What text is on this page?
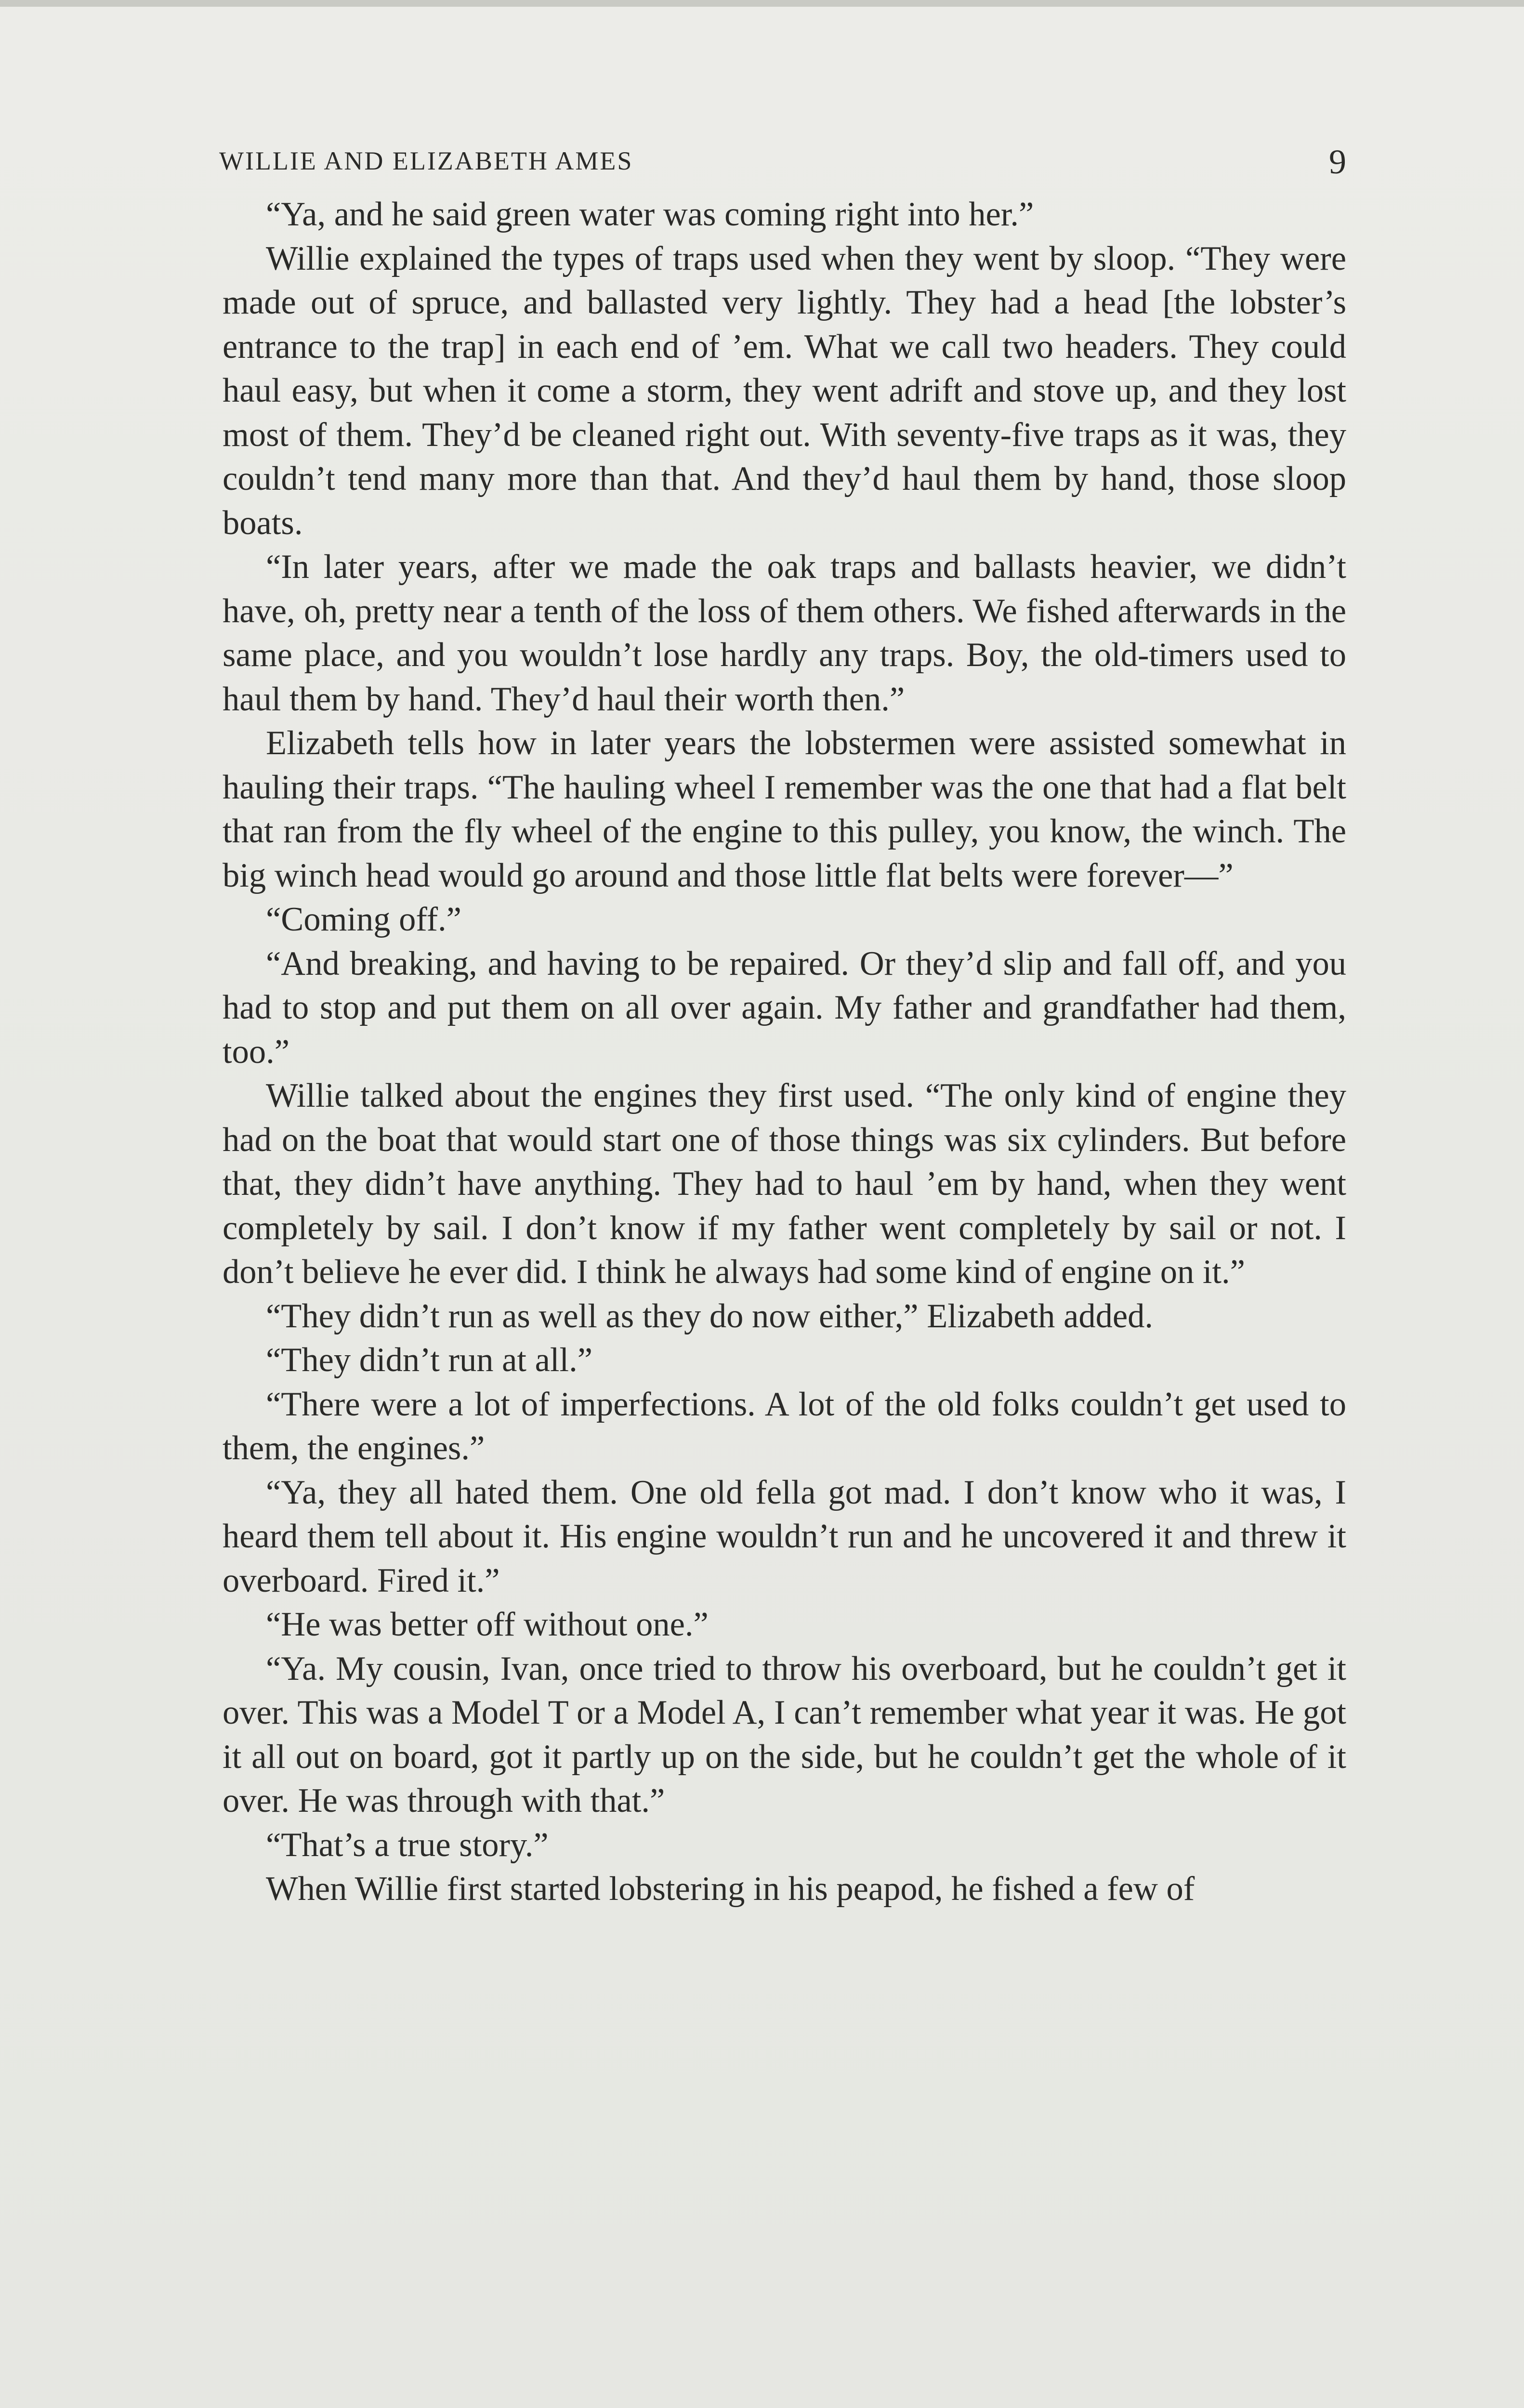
WILLIE AND ELIZABETH AMES	9

“Ya, and he said green water was coming right into her.”

Willie explained the types of traps used when they went by sloop. “They were made out of spruce, and ballasted very lightly. They had a head [the lobster’s entrance to the trap] in each end of ’em. What we call two headers. They could haul easy, but when it come a storm, they went adrift and stove up, and they lost most of them. They’d be cleaned right out. With seventy-five traps as it was, they couldn’t tend many more than that. And they’d haul them by hand, those sloop boats.

“In later years, after we made the oak traps and ballasts heavier, we didn’t have, oh, pretty near a tenth of the loss of them others. We fished afterwards in the same place, and you wouldn’t lose hardly any traps. Boy, the old-timers used to haul them by hand. They’d haul their worth then.”

Elizabeth tells how in later years the lobstermen were assisted somewhat in hauling their traps. “The hauling wheel I remember was the one that had a flat belt that ran from the fly wheel of the engine to this pulley, you know, the winch. The big winch head would go around and those little flat belts were forever—”

“Coming off.”

“And breaking, and having to be repaired. Or they’d slip and fall off, and you had to stop and put them on all over again. My father and grandfather had them, too.”

Willie talked about the engines they first used. “The only kind of engine they had on the boat that would start one of those things was six cylinders. But before that, they didn’t have anything. They had to haul ’em by hand, when they went completely by sail. I don’t know if my father went completely by sail or not. I don’t believe he ever did. I think he always had some kind of engine on it.”

“They didn’t run as well as they do now either,” Elizabeth added.

“They didn’t run at all.”

“There were a lot of imperfections. A lot of the old folks couldn’t get used to them, the engines.”

“Ya, they all hated them. One old fella got mad. I don’t know who it was, I heard them tell about it. His engine wouldn’t run and he uncovered it and threw it overboard. Fired it.”

“He was better off without one.”

“Ya. My cousin, Ivan, once tried to throw his overboard, but he couldn’t get it over. This was a Model T or a Model A, I can’t remember what year it was. He got it all out on board, got it partly up on the side, but he couldn’t get the whole of it over. He was through with that.”

“That’s a true story.”

When Willie first started lobstering in his peapod, he fished a few of
